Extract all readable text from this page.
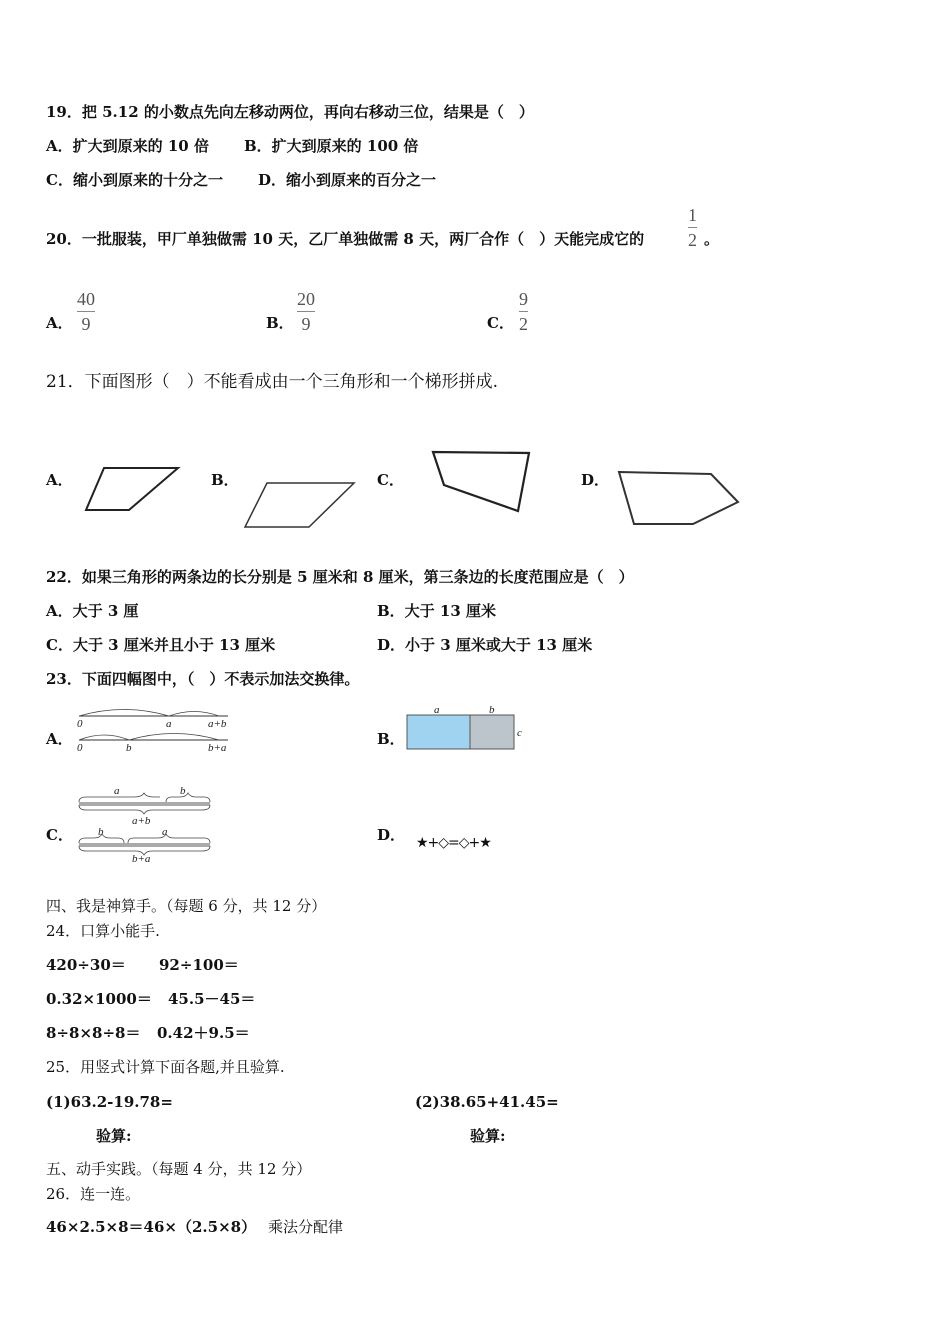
19．把 5.12 的小数点先向左移动两位，再向右移动三位，结果是（　）
A．扩大到原来的 10 倍 B．扩大到原来的 100 倍
C．缩小到原来的十分之一 D．缩小到原来的百分之一
20．一批服装，甲厂单独做需 10 天，乙厂单独做需 8 天，两厂合作（　）天能完成它的
1
2 。
A．
40
9	B．
20
9	C．
9
2
21．下面图形（　）不能看成由一个三角形和一个梯形拼成.
A．	B．	C．	D．
22．如果三角形的两条边的长分别是 5 厘米和 8 厘米，第三条边的长度范围应是（　）
A．大于 3 厘	B．大于 13 厘米
C．大于 3 厘米并且小于 13 厘米	D．小于 3 厘米或大于 13 厘米
23．下面四幅图中，（　）不表示加法交换律。
A．
0	a	a+b
0	b	b+a	B．
a	b
c
C．
a	b
a+b
b	a
b+a
D． ★+◇=◇+★
四、我是神算手。（每题 6 分，共 12 分）
24．口算小能手.
420÷30＝ 92÷100＝
0.32×1000＝ 45.5－45＝
8÷8×8÷8＝ 0.42＋9.5＝
25．用竖式计算下面各题,并且验算.
(1)63.2-19.78=	(2)38.65+41.45=
验算:	验算:
五、动手实践。（每题 4 分，共 12 分）
26．连一连。
46×2.5×8＝46×（2.5×8） 乘法分配律
